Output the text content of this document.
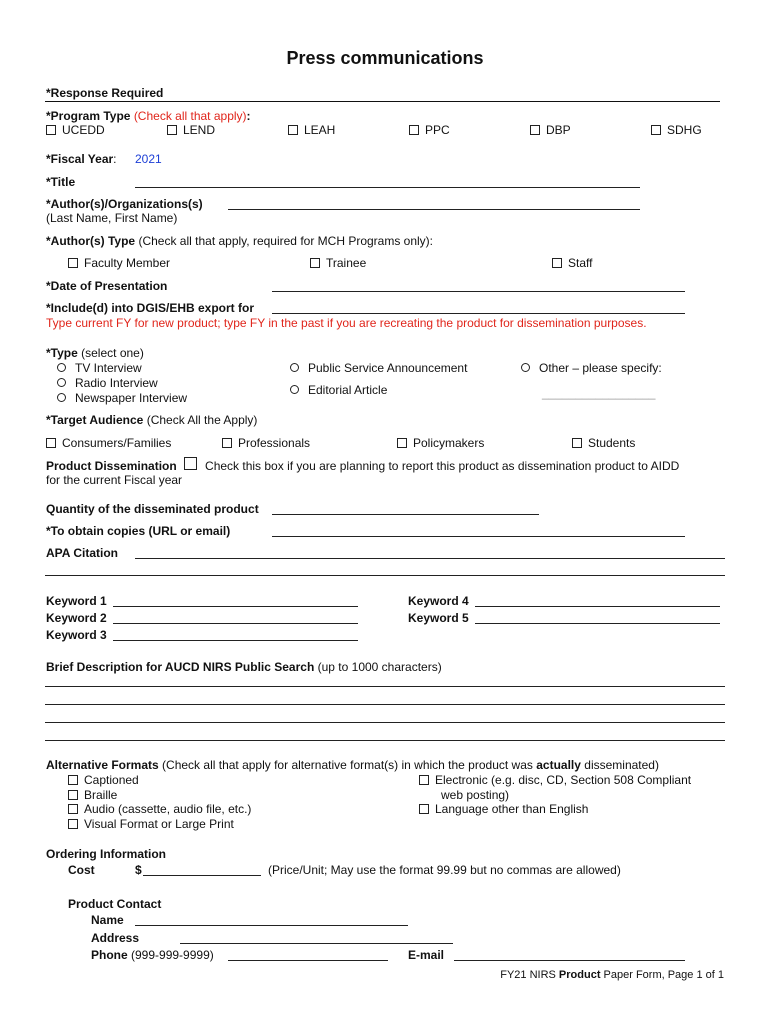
Press communications
*Response Required
*Program Type (Check all that apply):
UCEDD	LEND	LEAH	PPC	DBP	SDHG
*Fiscal Year: 2021
*Title
*Author(s)/Organizations(s)
(Last Name, First Name)
*Author(s) Type (Check all that apply, required for MCH Programs only):
Faculty Member	Trainee	Staff
*Date of Presentation
*Include(d) into DGIS/EHB export for
Type current FY for new product; type FY in the past if you are recreating the product for dissemination purposes.
*Type (select one)
TV Interview
Radio Interview
Newspaper Interview
Public Service Announcement
Editorial Article
Other – please specify:
_________________
*Target Audience (Check All the Apply)
Consumers/Families	Professionals	Policymakers	Students
Product Dissemination Check this box if you are planning to report this product as dissemination product to AIDD
for the current Fiscal year
Quantity of the disseminated product
*To obtain copies (URL or email)
APA Citation
Keyword 1
Keyword 2
Keyword 3
Keyword 4
Keyword 5
Brief Description for AUCD NIRS Public Search (up to 1000 characters)
Alternative Formats (Check all that apply for alternative format(s) in which the product was actually disseminated)
Captioned
Braille
Audio (cassette, audio file, etc.)
Visual Format or Large Print
Electronic (e.g. disc, CD, Section 508 Compliant
web posting)
Language other than English
Ordering Information
Cost	$	(Price/Unit; May use the format 99.99 but no commas are allowed)
Product Contact
Name
Address
Phone (999-999-9999)	E-mail
FY21 NIRS Product Paper Form, Page 1 of 1
